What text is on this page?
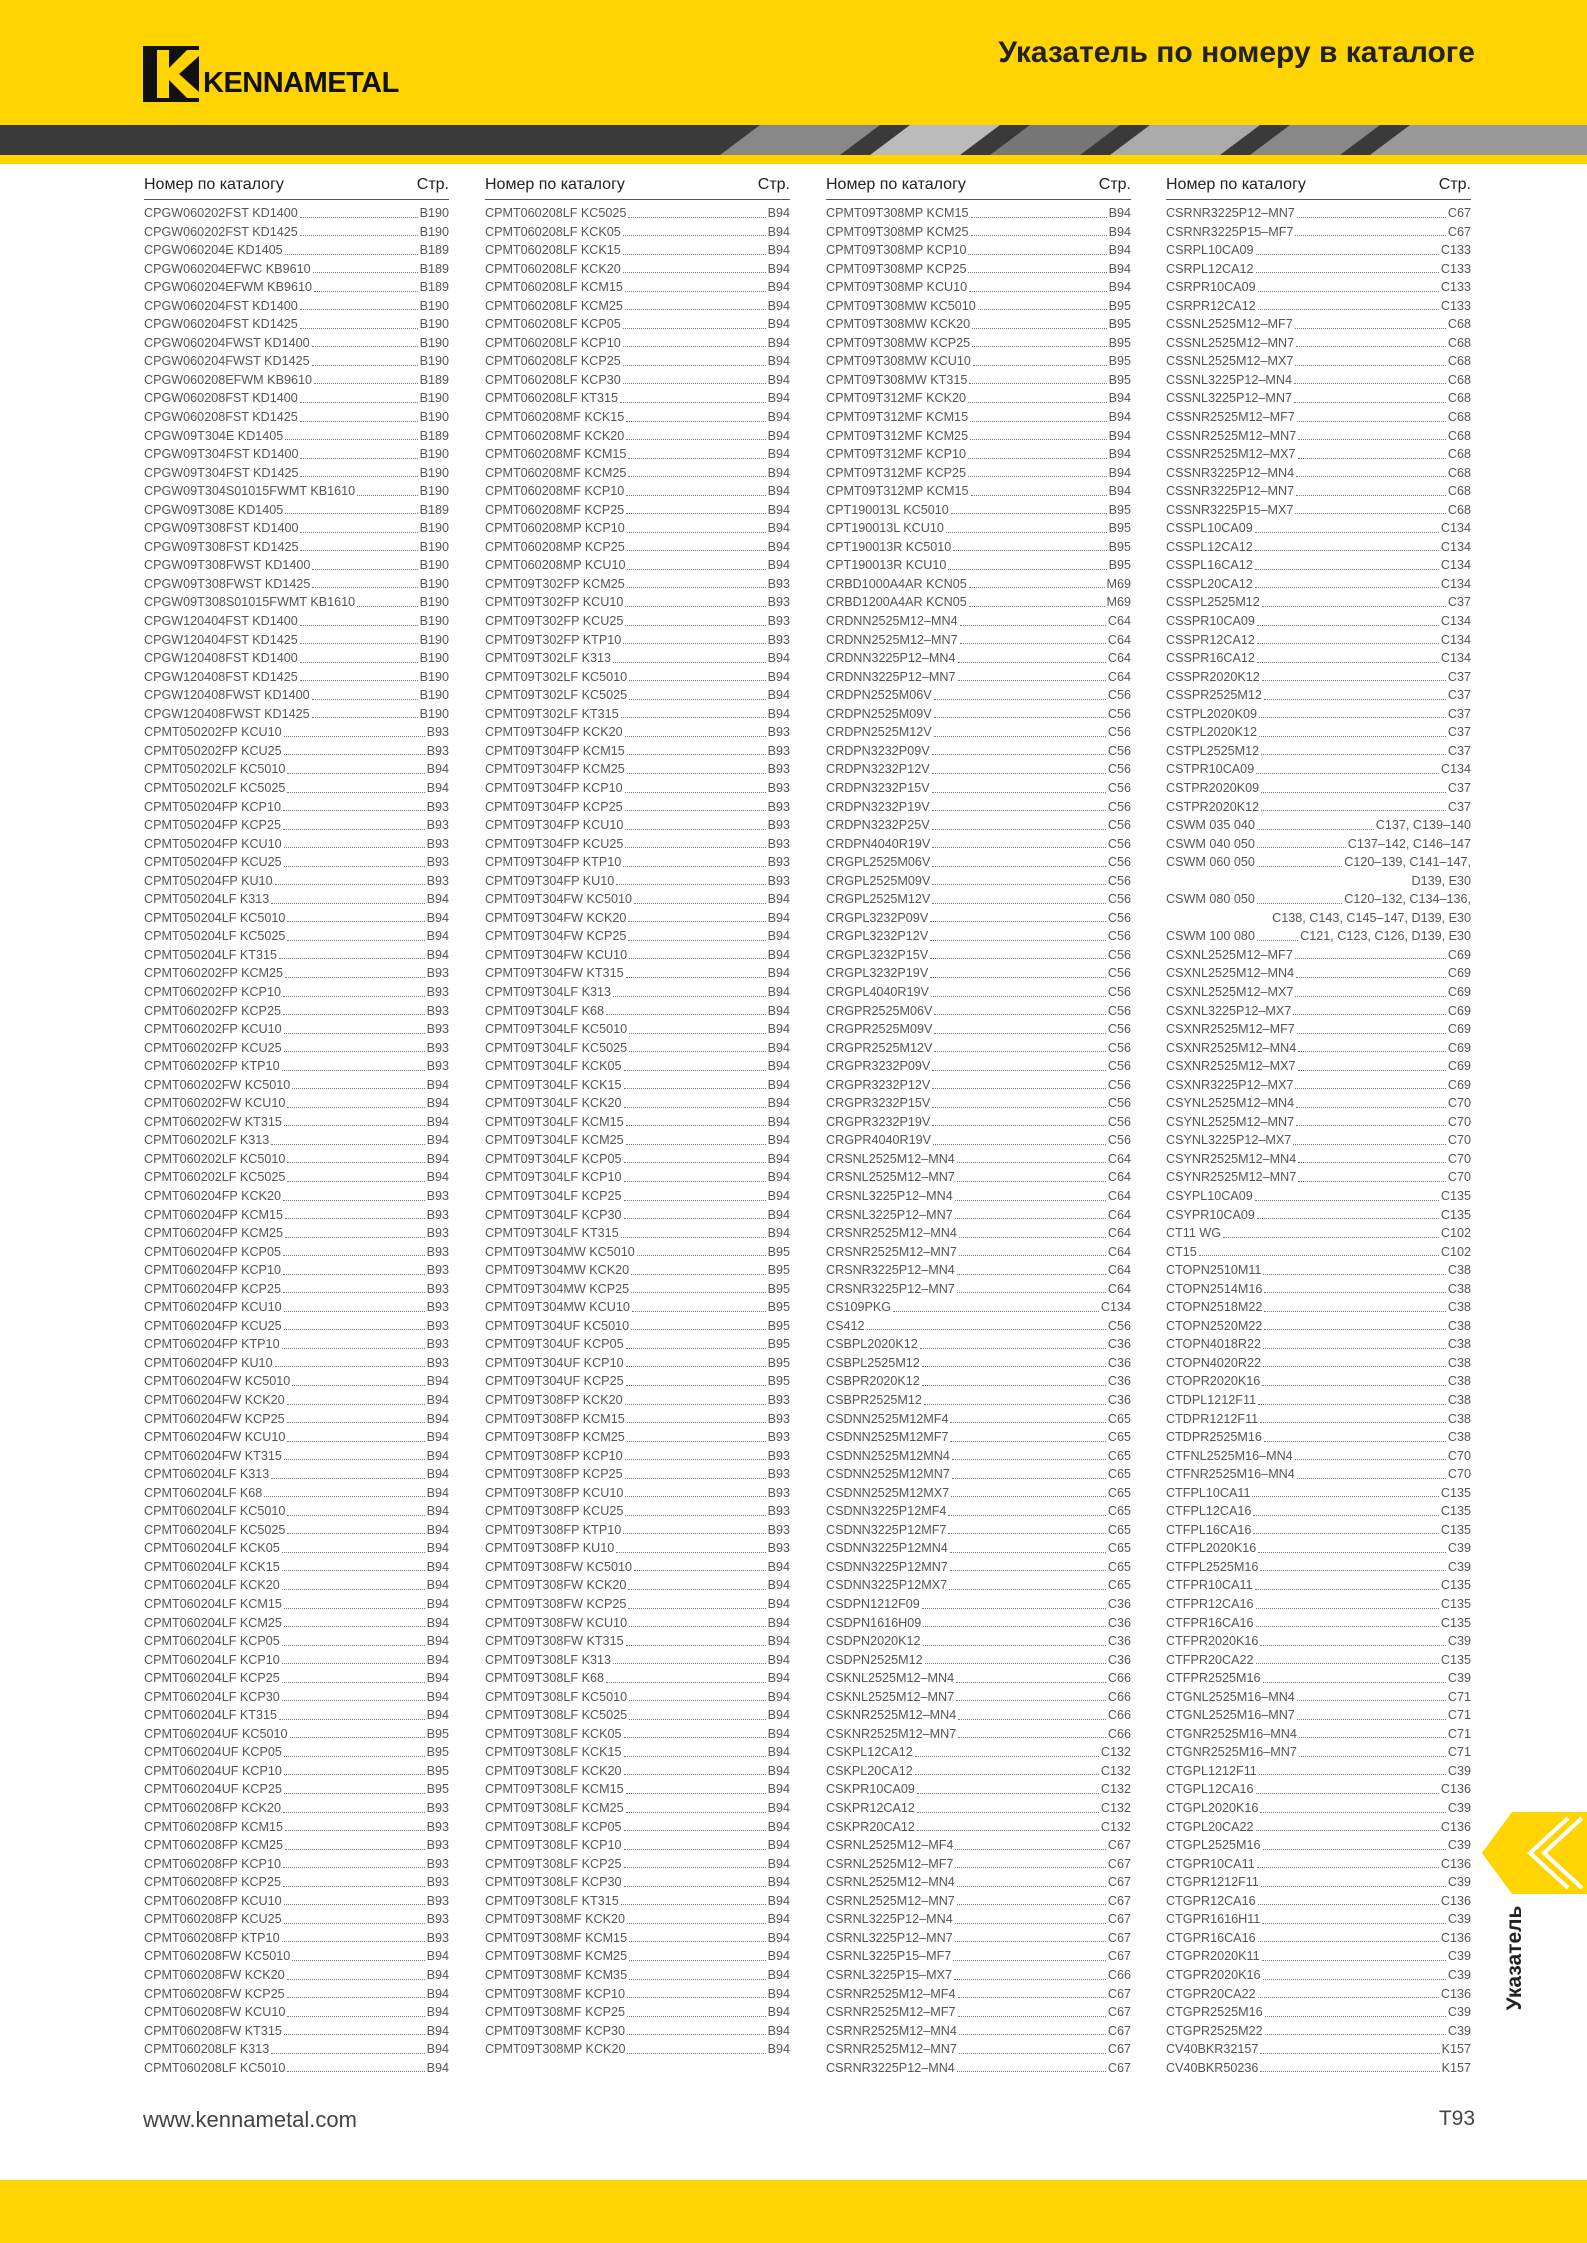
KENNAMETAL
Указатель по номеру в каталоге
Номер по каталогу	Стр.
CPGW060202FST KD1400	B190
CPGW060202FST KD1425	B190
CPGW060204E KD1405	B189
CPGW060204EFWC KB9610	B189
CPGW060204EFWM KB9610	B189
CPGW060204FST KD1400	B190
CPGW060204FST KD1425	B190
CPGW060204FWST KD1400	B190
CPGW060204FWST KD1425	B190
CPGW060208EFWM KB9610	B189
CPGW060208FST KD1400	B190
CPGW060208FST KD1425	B190
CPGW09T304E KD1405	B189
CPGW09T304FST KD1400	B190
CPGW09T304FST KD1425	B190
CPGW09T304S01015FWMT KB1610	B190
CPGW09T308E KD1405	B189
CPGW09T308FST KD1400	B190
CPGW09T308FST KD1425	B190
CPGW09T308FWST KD1400	B190
CPGW09T308FWST KD1425	B190
CPGW09T308S01015FWMT KB1610	B190
CPGW120404FST KD1400	B190
CPGW120404FST KD1425	B190
CPGW120408FST KD1400	B190
CPGW120408FST KD1425	B190
CPGW120408FWST KD1400	B190
CPGW120408FWST KD1425	B190
CPMT050202FP KCU10	B93
CPMT050202FP KCU25	B93
CPMT050202LF KC5010	B94
CPMT050202LF KC5025	B94
CPMT050204FP KCP10	B93
CPMT050204FP KCP25	B93
CPMT050204FP KCU10	B93
CPMT050204FP KCU25	B93
CPMT050204FP KU10	B93
CPMT050204LF K313	B94
CPMT050204LF KC5010	B94
CPMT050204LF KC5025	B94
CPMT050204LF KT315	B94
CPMT060202FP KCM25	B93
CPMT060202FP KCP10	B93
CPMT060202FP KCP25	B93
CPMT060202FP KCU10	B93
CPMT060202FP KCU25	B93
CPMT060202FP KTP10	B93
CPMT060202FW KC5010	B94
CPMT060202FW KCU10	B94
CPMT060202FW KT315	B94
CPMT060202LF K313	B94
CPMT060202LF KC5010	B94
CPMT060202LF KC5025	B94
CPMT060204FP KCK20	B93
CPMT060204FP KCM15	B93
CPMT060204FP KCM25	B93
CPMT060204FP KCP05	B93
CPMT060204FP KCP10	B93
CPMT060204FP KCP25	B93
CPMT060204FP KCU10	B93
CPMT060204FP KCU25	B93
CPMT060204FP KTP10	B93
CPMT060204FP KU10	B93
CPMT060204FW KC5010	B94
CPMT060204FW KCK20	B94
CPMT060204FW KCP25	B94
CPMT060204FW KCU10	B94
CPMT060204FW KT315	B94
CPMT060204LF K313	B94
CPMT060204LF K68	B94
CPMT060204LF KC5010	B94
CPMT060204LF KC5025	B94
CPMT060204LF KCK05	B94
CPMT060204LF KCK15	B94
CPMT060204LF KCK20	B94
CPMT060204LF KCM15	B94
CPMT060204LF KCM25	B94
CPMT060204LF KCP05	B94
CPMT060204LF KCP10	B94
CPMT060204LF KCP25	B94
CPMT060204LF KCP30	B94
CPMT060204LF KT315	B94
CPMT060204UF KC5010	B95
CPMT060204UF KCP05	B95
CPMT060204UF KCP10	B95
CPMT060204UF KCP25	B95
CPMT060208FP KCK20	B93
CPMT060208FP KCM15	B93
CPMT060208FP KCM25	B93
CPMT060208FP KCP10	B93
CPMT060208FP KCP25	B93
CPMT060208FP KCU10	B93
CPMT060208FP KCU25	B93
CPMT060208FP KTP10	B93
CPMT060208FW KC5010	B94
CPMT060208FW KCK20	B94
CPMT060208FW KCP25	B94
CPMT060208FW KCU10	B94
CPMT060208FW KT315	B94
CPMT060208LF K313	B94
CPMT060208LF KC5010	B94
Номер по каталогу	Стр.
CPMT060208LF KC5025	B94
CPMT060208LF KCK05	B94
CPMT060208LF KCK15	B94
CPMT060208LF KCK20	B94
CPMT060208LF KCM15	B94
CPMT060208LF KCM25	B94
CPMT060208LF KCP05	B94
CPMT060208LF KCP10	B94
CPMT060208LF KCP25	B94
CPMT060208LF KCP30	B94
CPMT060208LF KT315	B94
CPMT060208MF KCK15	B94
CPMT060208MF KCK20	B94
CPMT060208MF KCM15	B94
CPMT060208MF KCM25	B94
CPMT060208MF KCP10	B94
CPMT060208MF KCP25	B94
CPMT060208MP KCP10	B94
CPMT060208MP KCP25	B94
CPMT060208MP KCU10	B94
CPMT09T302FP KCM25	B93
CPMT09T302FP KCU10	B93
CPMT09T302FP KCU25	B93
CPMT09T302FP KTP10	B93
CPMT09T302LF K313	B94
CPMT09T302LF KC5010	B94
CPMT09T302LF KC5025	B94
CPMT09T302LF KT315	B94
CPMT09T304FP KCK20	B93
CPMT09T304FP KCM15	B93
CPMT09T304FP KCM25	B93
CPMT09T304FP KCP10	B93
CPMT09T304FP KCP25	B93
CPMT09T304FP KCU10	B93
CPMT09T304FP KCU25	B93
CPMT09T304FP KTP10	B93
CPMT09T304FP KU10	B93
CPMT09T304FW KC5010	B94
CPMT09T304FW KCK20	B94
CPMT09T304FW KCP25	B94
CPMT09T304FW KCU10	B94
CPMT09T304FW KT315	B94
CPMT09T304LF K313	B94
CPMT09T304LF K68	B94
CPMT09T304LF KC5010	B94
CPMT09T304LF KC5025	B94
CPMT09T304LF KCK05	B94
CPMT09T304LF KCK15	B94
CPMT09T304LF KCK20	B94
CPMT09T304LF KCM15	B94
CPMT09T304LF KCM25	B94
CPMT09T304LF KCP05	B94
CPMT09T304LF KCP10	B94
CPMT09T304LF KCP25	B94
CPMT09T304LF KCP30	B94
CPMT09T304LF KT315	B94
CPMT09T304MW KC5010	B95
CPMT09T304MW KCK20	B95
CPMT09T304MW KCP25	B95
CPMT09T304MW KCU10	B95
CPMT09T304UF KC5010	B95
CPMT09T304UF KCP05	B95
CPMT09T304UF KCP10	B95
CPMT09T304UF KCP25	B95
CPMT09T308FP KCK20	B93
CPMT09T308FP KCM15	B93
CPMT09T308FP KCM25	B93
CPMT09T308FP KCP10	B93
CPMT09T308FP KCP25	B93
CPMT09T308FP KCU10	B93
CPMT09T308FP KCU25	B93
CPMT09T308FP KTP10	B93
CPMT09T308FP KU10	B93
CPMT09T308FW KC5010	B94
CPMT09T308FW KCK20	B94
CPMT09T308FW KCP25	B94
CPMT09T308FW KCU10	B94
CPMT09T308FW KT315	B94
CPMT09T308LF K313	B94
CPMT09T308LF K68	B94
CPMT09T308LF KC5010	B94
CPMT09T308LF KC5025	B94
CPMT09T308LF KCK05	B94
CPMT09T308LF KCK15	B94
CPMT09T308LF KCK20	B94
CPMT09T308LF KCM15	B94
CPMT09T308LF KCM25	B94
CPMT09T308LF KCP05	B94
CPMT09T308LF KCP10	B94
CPMT09T308LF KCP25	B94
CPMT09T308LF KCP30	B94
CPMT09T308LF KT315	B94
CPMT09T308MF KCK20	B94
CPMT09T308MF KCM15	B94
CPMT09T308MF KCM25	B94
CPMT09T308MF KCM35	B94
CPMT09T308MF KCP10	B94
CPMT09T308MF KCP25	B94
CPMT09T308MF KCP30	B94
CPMT09T308MP KCK20	B94
Номер по каталогу	Стр.
CPMT09T308MP KCM15	B94
CPMT09T308MP KCM25	B94
CPMT09T308MP KCP10	B94
CPMT09T308MP KCP25	B94
CPMT09T308MP KCU10	B94
CPMT09T308MW KC5010	B95
CPMT09T308MW KCK20	B95
CPMT09T308MW KCP25	B95
CPMT09T308MW KCU10	B95
CPMT09T308MW KT315	B95
CPMT09T312MF KCK20	B94
CPMT09T312MF KCM15	B94
CPMT09T312MF KCM25	B94
CPMT09T312MF KCP10	B94
CPMT09T312MF KCP25	B94
CPMT09T312MP KCM15	B94
CPT190013L KC5010	B95
CPT190013L KCU10	B95
CPT190013R KC5010	B95
CPT190013R KCU10	B95
CRBD1000A4AR KCN05	M69
CRBD1200A4AR KCN05	M69
CRDNN2525M12–MN4	C64
CRDNN2525M12–MN7	C64
CRDNN3225P12–MN4	C64
CRDNN3225P12–MN7	C64
CRDPN2525M06V	C56
CRDPN2525M09V	C56
CRDPN2525M12V	C56
CRDPN3232P09V	C56
CRDPN3232P12V	C56
CRDPN3232P15V	C56
CRDPN3232P19V	C56
CRDPN3232P25V	C56
CRDPN4040R19V	C56
CRGPL2525M06V	C56
CRGPL2525M09V	C56
CRGPL2525M12V	C56
CRGPL3232P09V	C56
CRGPL3232P12V	C56
CRGPL3232P15V	C56
CRGPL3232P19V	C56
CRGPL4040R19V	C56
CRGPR2525M06V	C56
CRGPR2525M09V	C56
CRGPR2525M12V	C56
CRGPR3232P09V	C56
CRGPR3232P12V	C56
CRGPR3232P15V	C56
CRGPR3232P19V	C56
CRGPR4040R19V	C56
CRSNL2525M12–MN4	C64
CRSNL2525M12–MN7	C64
CRSNL3225P12–MN4	C64
CRSNL3225P12–MN7	C64
CRSNR2525M12–MN4	C64
CRSNR2525M12–MN7	C64
CRSNR3225P12–MN4	C64
CRSNR3225P12–MN7	C64
CS109PKG	C134
CS412	C56
CSBPL2020K12	C36
CSBPL2525M12	C36
CSBPR2020K12	C36
CSBPR2525M12	C36
CSDNN2525M12MF4	C65
CSDNN2525M12MF7	C65
CSDNN2525M12MN4	C65
CSDNN2525M12MN7	C65
CSDNN2525M12MX7	C65
CSDNN3225P12MF4	C65
CSDNN3225P12MF7	C65
CSDNN3225P12MN4	C65
CSDNN3225P12MN7	C65
CSDNN3225P12MX7	C65
CSDPN1212F09	C36
CSDPN1616H09	C36
CSDPN2020K12	C36
CSDPN2525M12	C36
CSKNL2525M12–MN4	C66
CSKNL2525M12–MN7	C66
CSKNR2525M12–MN4	C66
CSKNR2525M12–MN7	C66
CSKPL12CA12	C132
CSKPL20CA12	C132
CSKPR10CA09	C132
CSKPR12CA12	C132
CSKPR20CA12	C132
CSRNL2525M12–MF4	C67
CSRNL2525M12–MF7	C67
CSRNL2525M12–MN4	C67
CSRNL2525M12–MN7	C67
CSRNL3225P12–MN4	C67
CSRNL3225P12–MN7	C67
CSRNL3225P15–MF7	C67
CSRNL3225P15–MX7	C66
CSRNR2525M12–MF4	C67
CSRNR2525M12–MF7	C67
CSRNR2525M12–MN4	C67
CSRNR2525M12–MN7	C67
CSRNR3225P12–MN4	C67
Номер по каталогу	Стр.
CSRNR3225P12–MN7	C67
CSRNR3225P15–MF7	C67
CSRPL10CA09	C133
CSRPL12CA12	C133
CSRPR10CA09	C133
CSRPR12CA12	C133
CSSNL2525M12–MF7	C68
CSSNL2525M12–MN7	C68
CSSNL2525M12–MX7	C68
CSSNL3225P12–MN4	C68
CSSNL3225P12–MN7	C68
CSSNR2525M12–MF7	C68
CSSNR2525M12–MN7	C68
CSSNR2525M12–MX7	C68
CSSNR3225P12–MN4	C68
CSSNR3225P12–MN7	C68
CSSNR3225P15–MX7	C68
CSSPL10CA09	C134
CSSPL12CA12	C134
CSSPL16CA12	C134
CSSPL20CA12	C134
CSSPL2525M12	C37
CSSPR10CA09	C134
CSSPR12CA12	C134
CSSPR16CA12	C134
CSSPR2020K12	C37
CSSPR2525M12	C37
CSTPL2020K09	C37
CSTPL2020K12	C37
CSTPL2525M12	C37
CSTPR10CA09	C134
CSTPR2020K09	C37
CSTPR2020K12	C37
CSWM 035 040	C137, C139–140
CSWM 040 050	C137–142, C146–147
CSWM 060 050	C120–139, C141–147,
D139, E30
CSWM 080 050	C120–132, C134–136,
C138, C143, C145–147, D139, E30
CSWM 100 080	C121, C123, C126, D139, E30
CSXNL2525M12–MF7	C69
CSXNL2525M12–MN4	C69
CSXNL2525M12–MX7	C69
CSXNL3225P12–MX7	C69
CSXNR2525M12–MF7	C69
CSXNR2525M12–MN4	C69
CSXNR2525M12–MX7	C69
CSXNR3225P12–MX7	C69
CSYNL2525M12–MN4	C70
CSYNL2525M12–MN7	C70
CSYNL3225P12–MX7	C70
CSYNR2525M12–MN4	C70
CSYNR2525M12–MN7	C70
CSYPL10CA09	C135
CSYPR10CA09	C135
CT11 WG	C102
CT15	C102
CTOPN2510M11	C38
CTOPN2514M16	C38
CTOPN2518M22	C38
CTOPN2520M22	C38
CTOPN4018R22	C38
CTOPN4020R22	C38
CTOPR2020K16	C38
CTDPL1212F11	C38
CTDPR1212F11	C38
CTDPR2525M16	C38
CTFNL2525M16–MN4	C70
CTFNR2525M16–MN4	C70
CTFPL10CA11	C135
CTFPL12CA16	C135
CTFPL16CA16	C135
CTFPL2020K16	C39
CTFPL2525M16	C39
CTFPR10CA11	C135
CTFPR12CA16	C135
CTFPR16CA16	C135
CTFPR2020K16	C39
CTFPR20CA22	C135
CTFPR2525M16	C39
CTGNL2525M16–MN4	C71
CTGNL2525M16–MN7	C71
CTGNR2525M16–MN4	C71
CTGNR2525M16–MN7	C71
CTGPL1212F11	C39
CTGPL12CA16	C136
CTGPL2020K16	C39
CTGPL20CA22	C136
CTGPL2525M16	C39
CTGPR10CA11	C136
CTGPR1212F11	C39
CTGPR12CA16	C136
CTGPR1616H11	C39
CTGPR16CA16	C136
CTGPR2020K11	C39
CTGPR2020K16	C39
CTGPR20CA22	C136
CTGPR2525M16	C39
CTGPR2525M22	C39
CV40BKR32157	K157
CV40BKR50236	K157
Указатель
www.kennametal.com	T93
